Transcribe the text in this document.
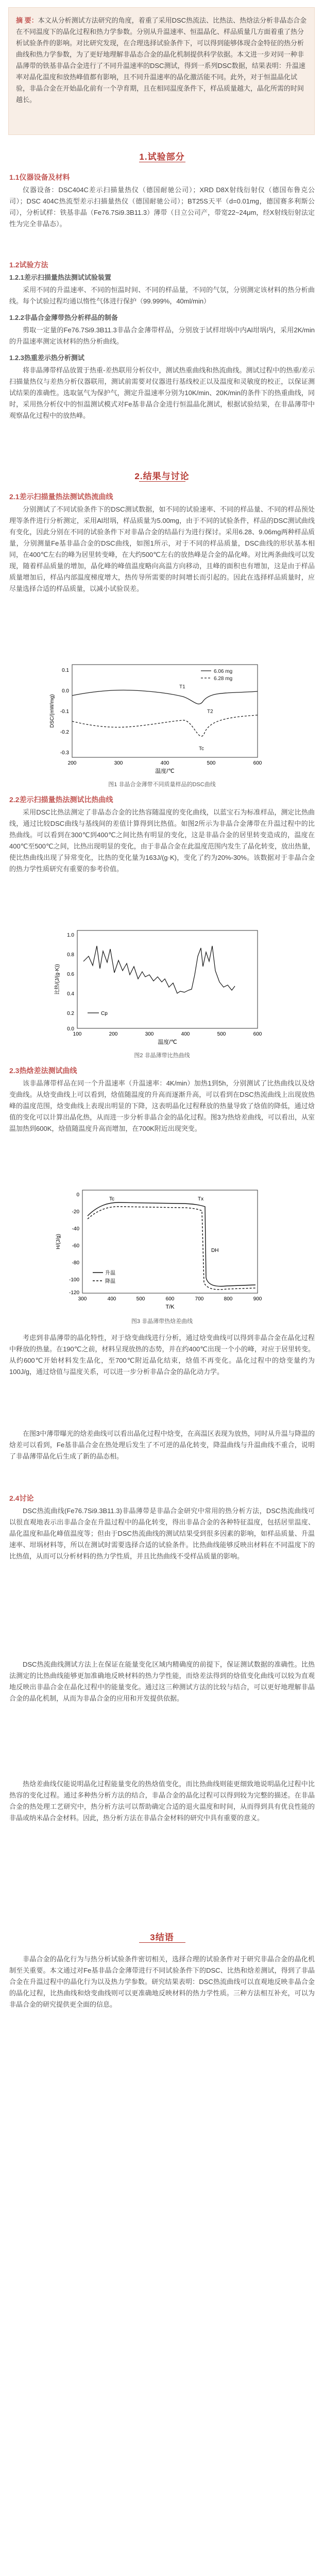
摘 要：本文从分析测试方法研究的角度，着重了采用DSC热流法、比热法、热焓法分析非晶态合金在不同温度下的晶化过程和热力学参数。分别从升温速率、恒温晶化、样品质量几方面着重了热分析试验条件的影响。对比研究发现，在合理选择试验条件下，可以得到能够体现合金特征的热分析曲线和热力学参数，为了更好地理解非晶态合金的晶化机制提供科学依据。本文进一步对同一种非晶薄带的铁基非晶合金进行了不同升温速率的DSC测试，得到一系列DSC数据，结果表明：升温速率对晶化温度和放热峰值都有影响，且不同升温速率的晶化激活能不同。此外，对于恒温晶化试验，非晶合金在开始晶化前有一个孕育期，且在相同温度条件下，样品质量越大，晶化所需的时间越长。
1.试验部分
1.1仪器设备及材料
仪器设备：DSC404C差示扫描量热仪（德国耐驰公司）；XRD D8X射线衍射仪（德国布鲁克公司）；DSC 404C热流型差示扫描量热仪（德国耐驰公司）；BT25S天平（d=0.01mg，德国赛多利斯公司），分析试样：铁基非晶（Fe76.7Si9.3B11.3）薄带（日立公司产，带宽22~24μm，经X射线衍射法定性为完全非晶态）。
1.2试验方法
1.2.1差示扫描量热法测试试验装置
采用不同的升温速率、不同的恒温时间、不同的样品量，不同的气氛，分别测定该材料的热分析曲线。每个试验过程均通以惰性气体进行保护（99.999%，40ml/min）
1.2.2非晶合金薄带热分析样品的制备
剪取一定量的Fe76.7Si9.3B11.3非晶合金薄带样品，分别放于试样坩埚中内Al坩埚内，采用2K/min的升温速率测定该材料的热分析曲线。
1.2.3热重差示热分析测试
将非晶薄带样品放置于热重-差热联用分析仪中，测试热重曲线和热流曲线。测试过程中的热重/差示扫描量热仪与差热分析仪器联用，测试前需要对仪器进行基线校正以及温度和灵敏度的校正，以保证测试结果的准确性。选取氩气为保护气，测定升温速率分别为10K/min、20K/min的条件下的热重曲线，同时，采用热分析仪中的恒温测试模式对Fe基非晶合金进行恒温晶化测试，根据试验结果，在非晶薄带中观察晶化过程中的放热峰。
2.结果与讨论
2.1差示扫描量热法测试热流曲线
分别测试了不同试验条件下的DSC测试数据，如不同的试验速率、不同的样品量、不同的样品预处理等条件进行分析测定，采用Al坩埚，样品质量为5.00mg，由于不同的试验条件，样品的DSC测试曲线有变化，因此分别在不同的试验条件下对非晶合金的结晶行为进行探讨。采用6.28、9.06mg两种样品质量，分别测量Fe基非晶合金的DSC曲线，如图1所示，对于不同的样品质量，DSC曲线的形状基本相同，在400℃左右的峰为居里转变峰，在大约500℃左右的放热峰是合金的晶化峰。对比两条曲线可以发现，随着样品质量的增加，晶化峰的峰值温度略向高温方向移动，且峰的面积也有增加，这是由于样品质量增加后，样品内部温度梯度增大，热传导所需要的时间增长而引起的。因此在选择样品质量时，应尽量选择合适的样品质量，以减小试验误差。
6.06 mg
6.28 mg
T1
T2
Tc
200	300	400	500	600
0.1
0.0
-0.1
-0.2
-0.3
温度/℃
DSC/(mW/mg)
图1 非晶合金薄带不同质量样品的DSC曲线
2.2差示扫描量热法测试比热曲线
采用DSC比热法测定了非晶态合金的比热容随温度的变化曲线，以蓝宝石为标准样品，测定比热曲线，通过比较DSC曲线与基线间的差值计算得到比热值。如图2所示为非晶合金薄带在升温过程中的比热曲线。可以看到在300℃到400℃之间比热有明显的变化，这是非晶合金的居里转变造成的，温度在400℃至500℃之间，比热出现明显的变化，由于非晶合金在此温度范围内发生了晶化转变，放出热量，使比热曲线出现了异常变化，比热的变化量为163J/(g·K)，变化了约为20%-30%。该数据对于非晶合金的热力学性质研究有重要的参考价值。
Cp
100	200	300	400	500	600
1.0
0.8
0.6
0.4
0.2
0.0
温度/℃
比热/(J/(g·K))
图2 非晶薄带比热曲线
2.3热焓差法测试曲线
该非晶薄带样品在同一个升温速率（升温速率：4K/min）加热1到5h，分别测试了比热曲线以及焓变曲线。从焓变曲线上可以看到，焓值随温度的升高而逐渐升高，可以看到在DSC热流曲线上出现放热峰的温度范围，焓变曲线上表现出明显的下降，这表明晶化过程释放的热量导致了焓值的降低，通过焓值的变化可以计算出晶化热，从而进一步分析非晶合金的晶化过程。图3为热焓差曲线，可以看出，从室温加热到600K，焓值随温度升高而增加，在700K附近出现突变。
Tc	Tx
DH
升温
降温
300	400	500	600	700	800	900
0
-20
-40
-60
-80
-100
-120
T/K
H/(J/g)
图3 非晶薄带热焓差曲线
考虑到非晶薄带的晶化特性，对于焓变曲线进行分析，通过焓变曲线可以得到非晶合金在晶化过程中释放的热量。在190℃之前，材料呈现放热的态势，并在约400℃出现一个小的峰，对应于居里转变。从约600℃开始材料发生晶化，至700℃附近晶化结束，焓值不再变化。晶化过程中的焓变量约为100J/g，通过焓值与温度关系，可以进一步分析非晶合金的晶化动力学。
在图3中薄带曝光的焓差曲线可以看出晶化过程中焓变，在高温区表现为放热，同时从升温与降温的焓差可以看到，Fe基非晶合金在热处理后发生了不可逆的晶化转变，降温曲线与升温曲线不重合，说明了非晶薄带晶化后生成了新的晶态相。
2.4讨论
DSC热流曲线(Fe76.7Si9.3B11.3)非晶薄带是非晶合金研究中常用的热分析方法，DSC热流曲线可以很直观地表示出非晶合金在升温过程中的晶化转变，得出非晶合金的各种特征温度，包括居里温度、晶化温度和晶化峰值温度等；但由于DSC热流曲线的测试结果受到很多因素的影响，如样品质量、升温速率、坩埚材料等，所以在测试时需要选择合适的试验条件。比热曲线能够反映出材料在不同温度下的比热值，从而可以分析材料的热力学性质，并且比热曲线不受样品质量的影响。
DSC热流曲线测试方法上在保证在能量变化区域内精确度的前提下，保证测试数据的准确性。比热法测定的比热曲线能够更加准确地反映材料的热力学性能，而焓差法得到的焓值变化曲线可以较为直观地反映出非晶合金在晶化过程中的能量变化。通过这三种测试方法的比较与结合，可以更好地理解非晶合金的晶化机制，从而为非晶合金的应用和开发提供依据。
热焓差曲线仅能说明晶化过程能量变化的热焓值变化，而比热曲线则能更细致地说明晶化过程中比热容的变化过程。通过多种热分析方法的结合，非晶合金的晶化过程可以得到较为完整的描述。在非晶合金的热处理工艺研究中，热分析方法可以帮助确定合适的退火温度和时间，从而得到具有优良性能的非晶或纳米晶合金材料。因此，热分析方法在非晶合金材料的研究中具有重要的意义。
3结语
非晶合金的晶化行为与热分析试验条件密切相关，选择合理的试验条件对于研究非晶合金的晶化机制至关重要。本文通过对Fe基非晶合金薄带进行不同试验条件下的DSC、比热和焓差测试，得到了非晶合金在升温过程中的晶化行为以及热力学参数。研究结果表明：DSC热流曲线可以直观地反映非晶合金的晶化过程，比热曲线和焓变曲线则可以更准确地反映材料的热力学性质。三种方法相互补充，可以为非晶合金的研究提供更全面的信息。
